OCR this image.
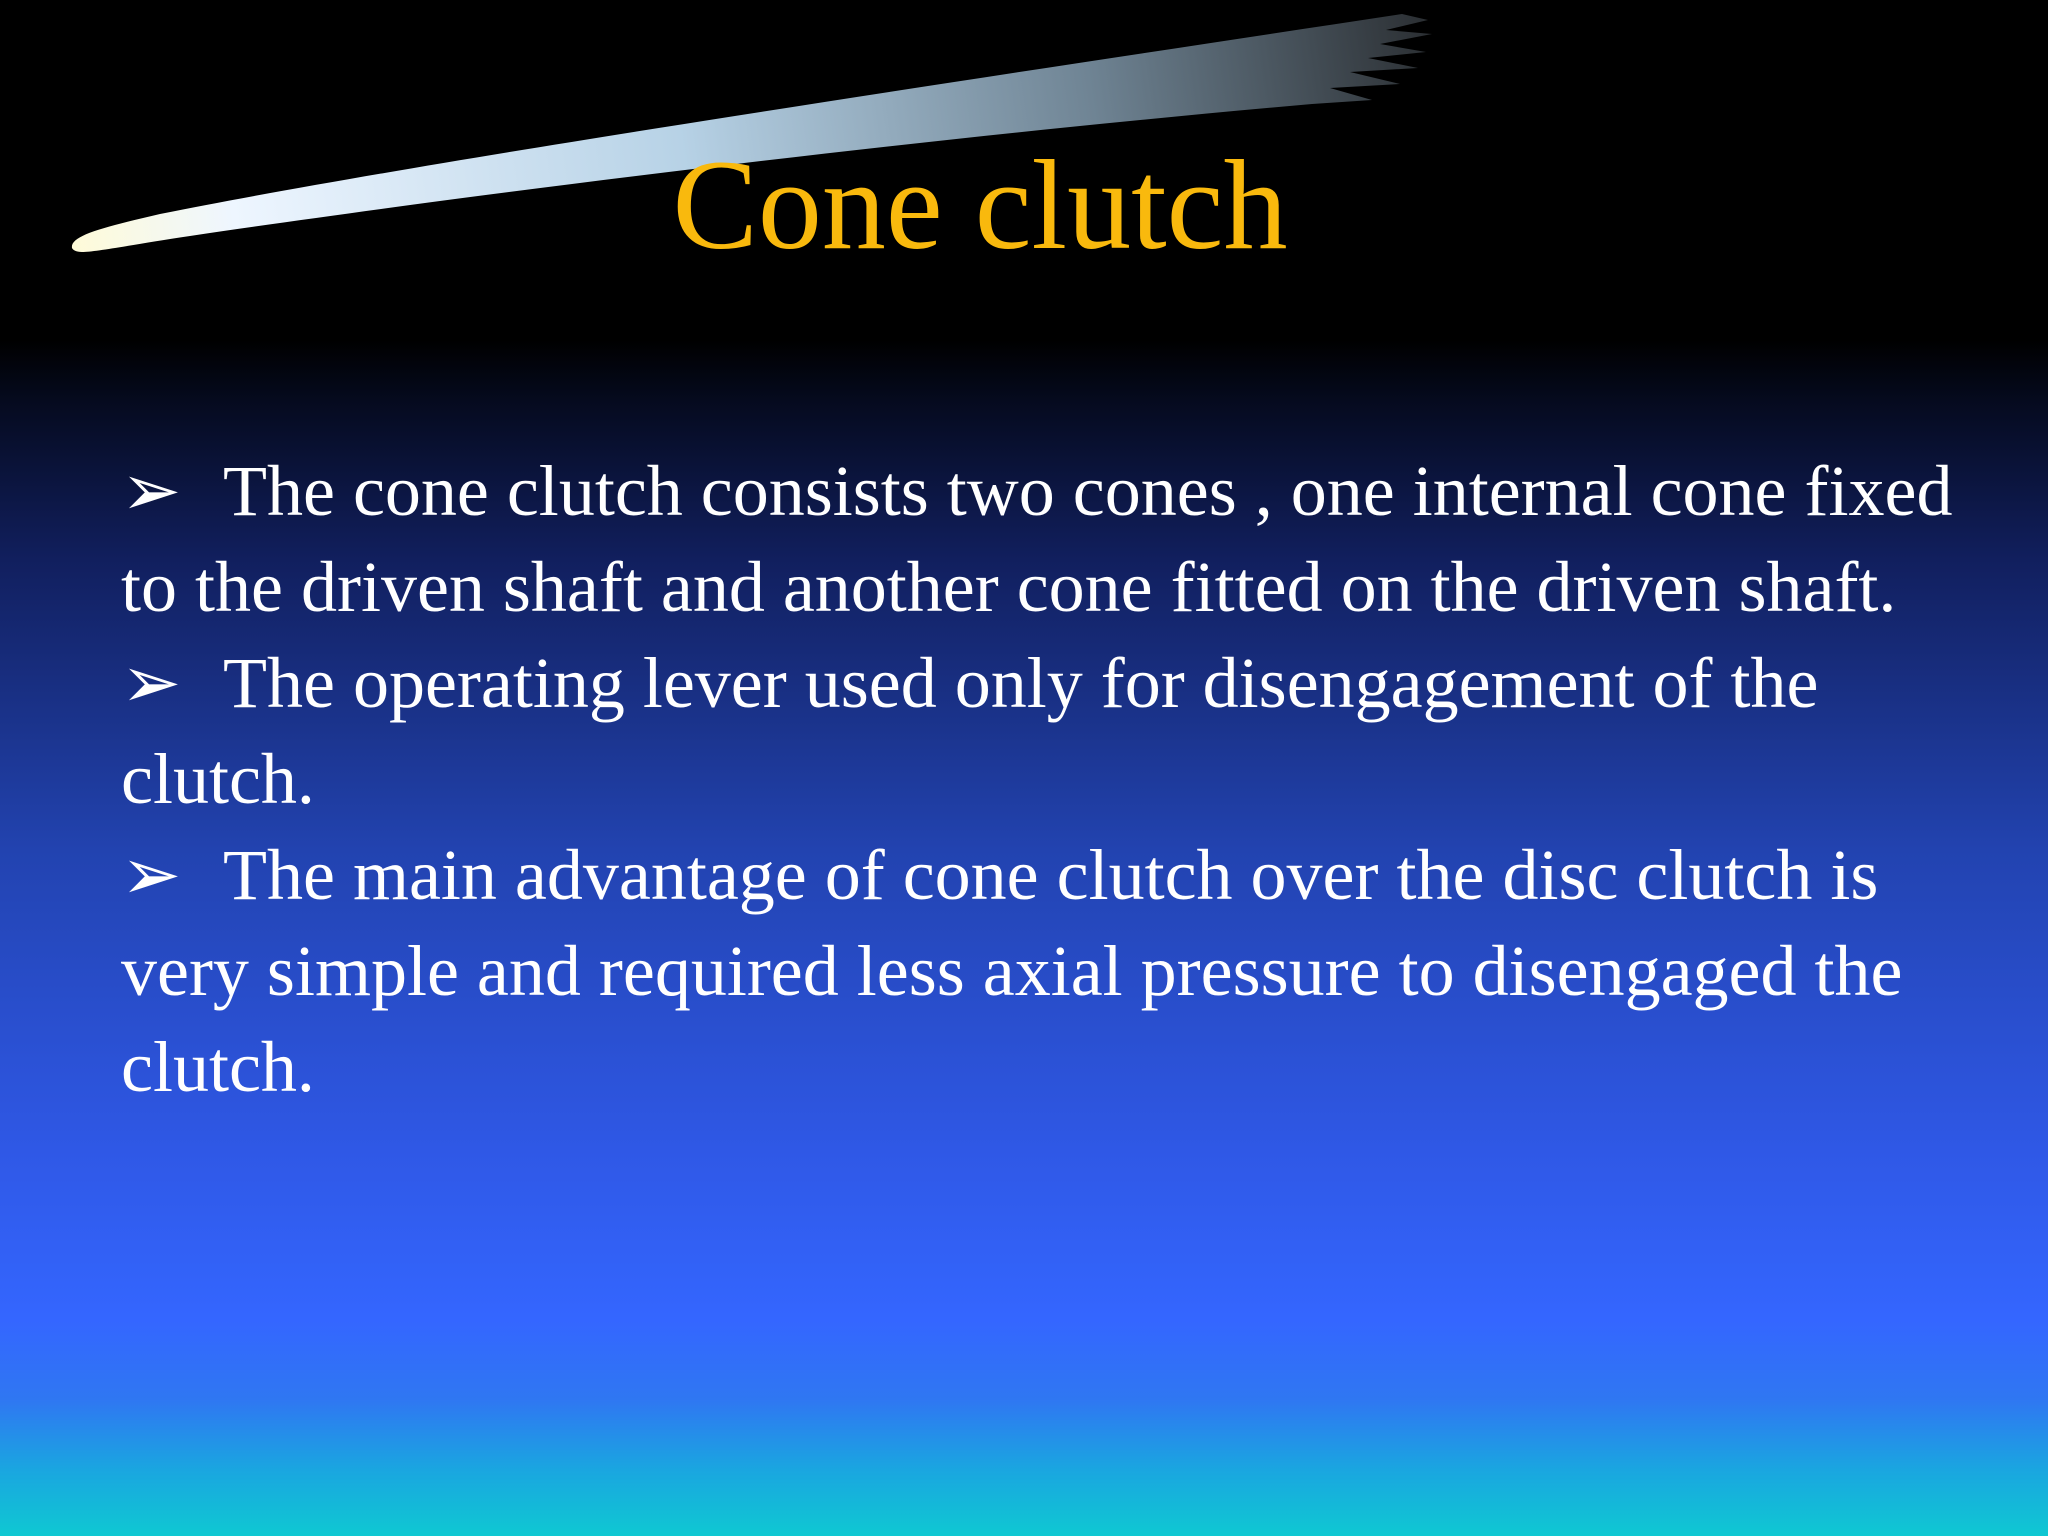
Cone clutch
➢ The cone clutch consists two cones , one internal cone fixed to the driven shaft and another cone fitted on the driven shaft.
➢ The operating lever used only for disengagement of the clutch.
➢ The main advantage of cone clutch over the disc clutch is very simple and required less axial pressure to disengaged the clutch.
